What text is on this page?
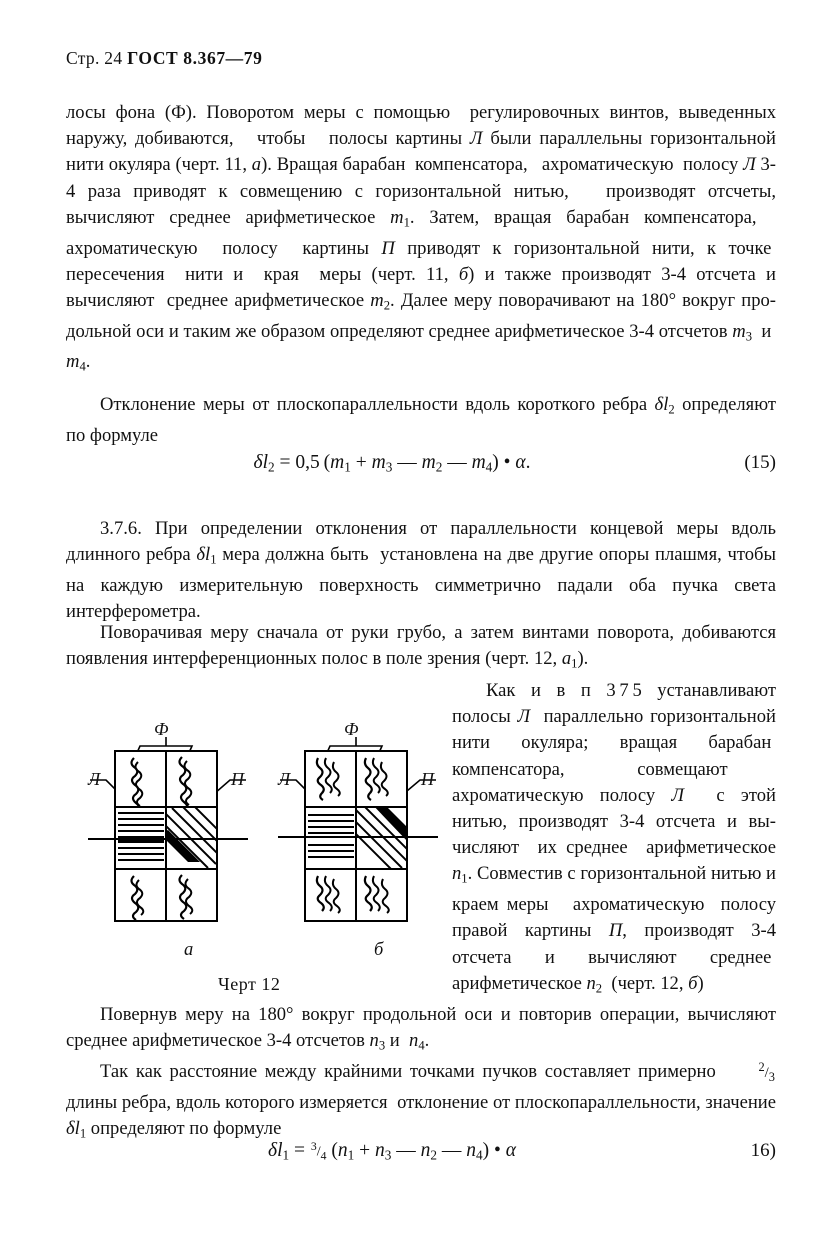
Стр. 24 ГОСТ 8.367—79

лосы фона (Ф). Поворотом меры с помощью  регулировочных винтов, выведенных наружу, добиваются,   чтобы   полосы картины Л были параллельны горизонтальной нити окуляра (черт. 11, а). Вращая барабан  компенсатора,   ахроматическую  полосу Л 3-4 раза приводят к совмещению с горизонтальной нитью,   производят отсчеты, вычисляют среднее арифметическое m1. Затем, вращая барабан компенсатора,   ахроматическую  полосу  картины П приводят к горизонтальной нити, к точке  пересечения  нити и  края  меры (черт. 11, б) и также производят 3-4 отсчета и вычисляют  среднее арифметическое m2. Далее меру поворачивают на 180° вокруг продольной оси и таким же образом определяют среднее арифметическое 3-4 отсчетов m3  и  m4.

Отклонение меры от плоскопараллельности вдоль короткого ребра δl2 определяют по формуле

δl2 = 0,5 (m1 + m3 — m2 — m4) • α.	(15)

3.7.6. При определении отклонения от параллельности концевой меры вдоль длинного ребра δl1 мера должна быть  установлена на две другие опоры плашмя, чтобы на каждую измерительную поверхность симметрично падали оба пучка света интерферометра.

Поворачивая меру сначала от руки грубо, а затем винтами поворота, добиваются появления интерференционных полос в поле зрения (черт. 12, a1).

Л	П
Ф
Л	П
Ф
а	б
Черт 12

Как и в п 3 7 5 устанавливают полосы Л  параллельно горизонтальной нити окуляра; вращая барабан  компенсатора,   совмещают   ахроматическую полосу Л  с этой нитью, производят 3-4 отсчета и вычисляют  их среднее  арифметическое n1. Совместив с горизонтальной нитью и краем меры   ахроматическую  полосу правой картины П, производят 3-4 отсчета и вычисляют среднее  арифметическое n2  (черт. 12, б)

Повернув меру на 180° вокруг продольной оси и повторив операции, вычисляют среднее арифметическое 3-4 отсчетов n3 и  n4.

Так как расстояние между крайними точками пучков составляет примерно	$^2/_3$ длины ребра, вдоль которого измеряется  отклонение от плоскопараллельности, значение δl1 определяют по формуле

$\delta l1 = ^3/_4$ (n1 + n3 — n2 — n4) • α	16)
